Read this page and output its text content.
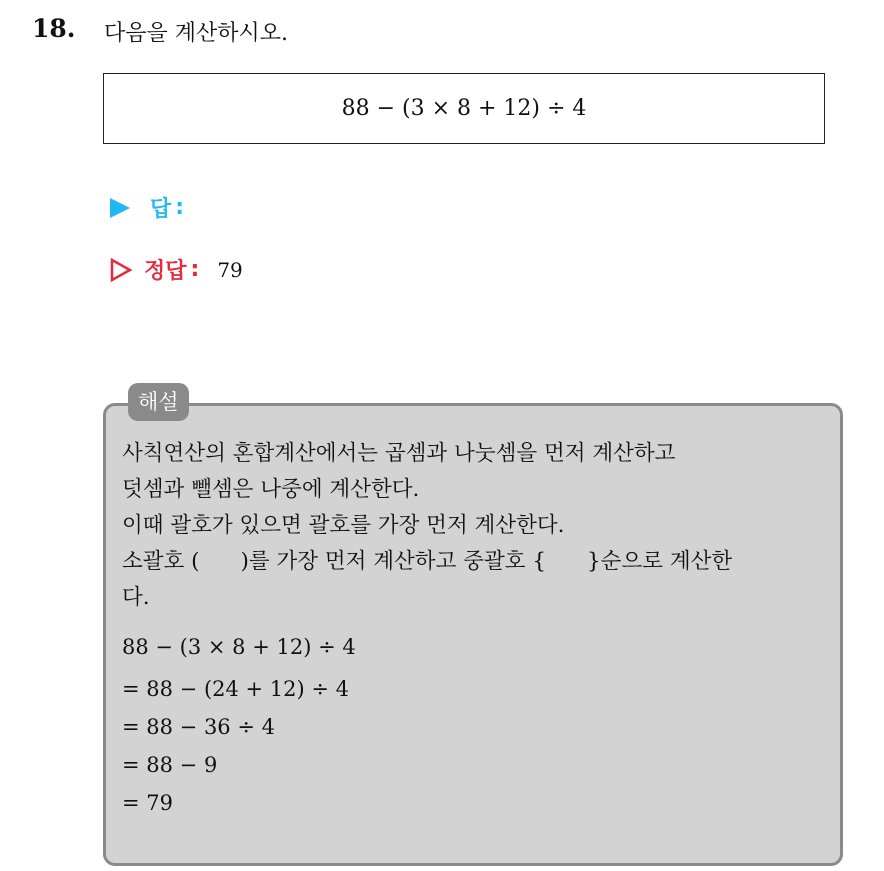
18. 다음을 계산하시오.
88 − (3 × 8 + 12) ÷ 4
답 :
정답 : 79
해설
사칙연산의 혼합계산에서는 곱셈과 나눗셈을 먼저 계산하고
덧셈과 뺄셈은 나중에 계산한다.
이때 괄호가 있으면 괄호를 가장 먼저 계산한다.
소괄호 (      )를 가장 먼저 계산하고 중괄호 {      }순으로 계산한
다.
88 − (3 × 8 + 12) ÷ 4
= 88 − (24 + 12) ÷ 4
= 88 − 36 ÷ 4
= 88 − 9
= 79
